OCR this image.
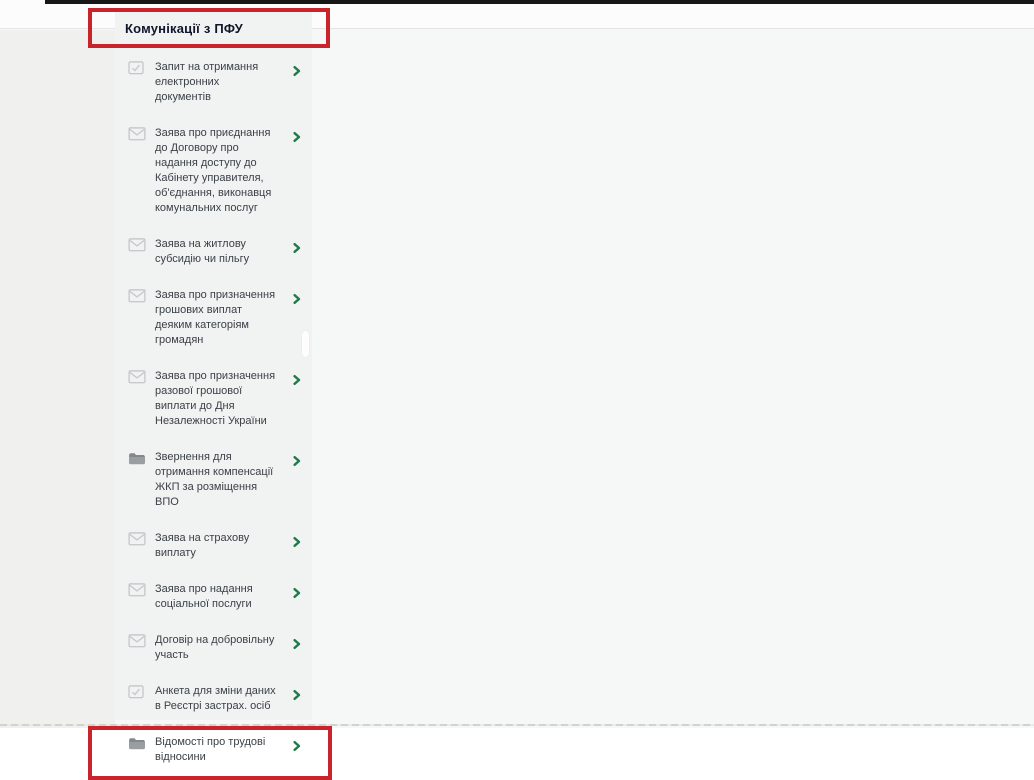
Комунікації з ПФУ
Запит на отримання електронних документів
Заява про приєднання до Договору про надання доступу до Кабінету управителя, об'єднання, виконавця комунальних послуг
Заява на житлову субсидію чи пільгу
Заява про призначення грошових виплат деяким категоріям громадян
Заява про призначення разової грошової виплати до Дня Незалежності України
Звернення для отримання компенсації ЖКП за розміщення ВПО
Заява на страхову виплату
Заява про надання соціальної послуги
Договір на добровільну участь
Анкета для зміни даних в Реєстрі застрах. осіб
Відомості про трудові відносини
